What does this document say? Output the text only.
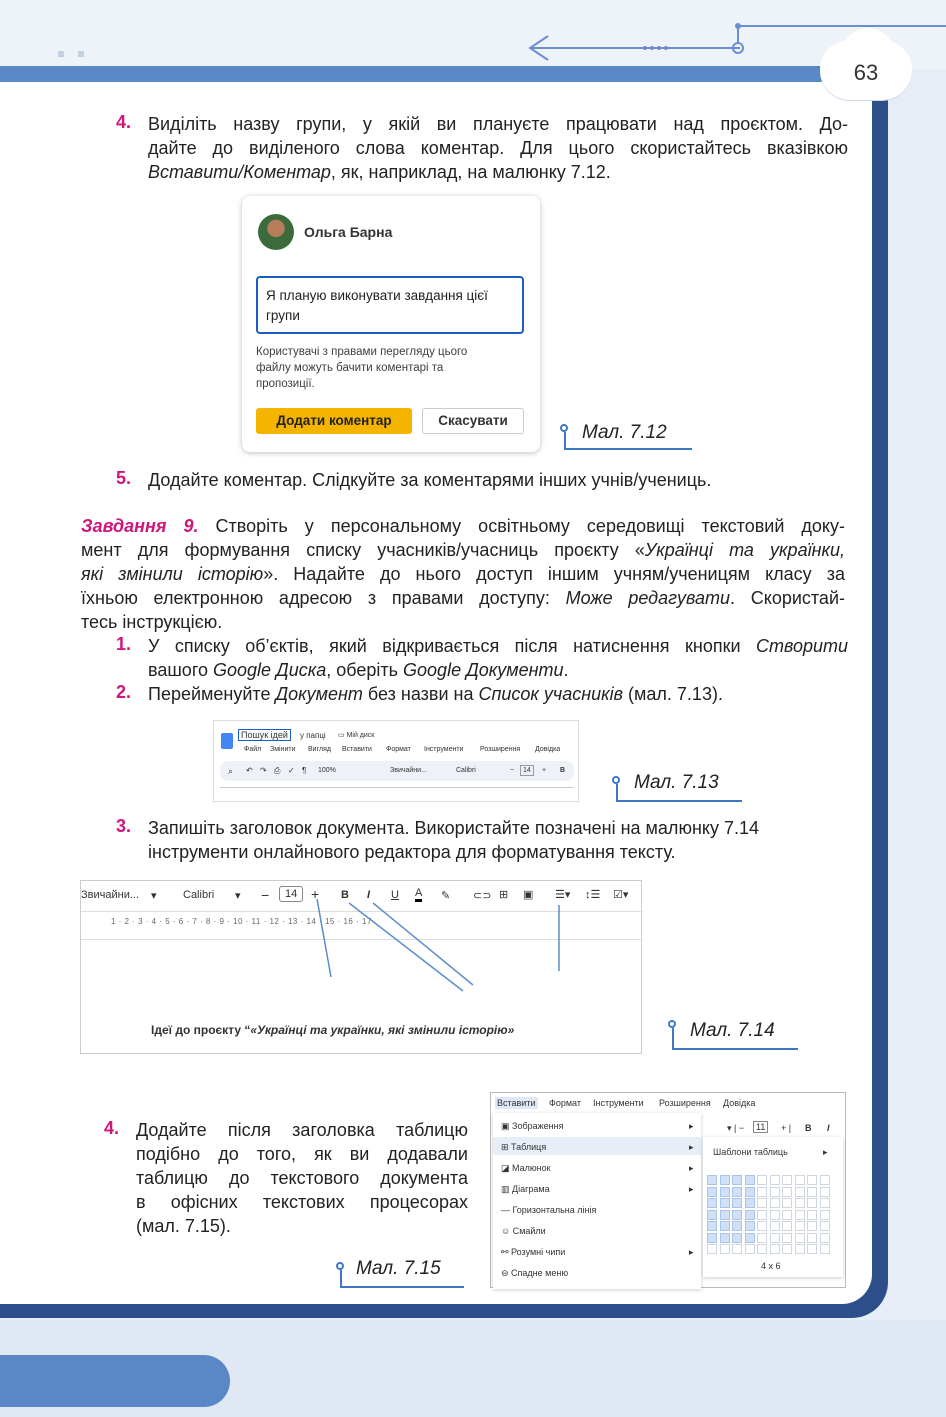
63
4. Виділіть назву групи, у якій ви плануєте працювати над проєктом. До-
дайте до виділеного слова коментар. Для цього скористайтесь вказівкою
Вставити/Коментар, як, наприклад, на малюнку 7.12.
Ольга Барна
Я планую виконувати завдання цієї
групи
Користувачі з правами перегляду цього
файлу можуть бачити коментарі та
пропозиції.
Додати коментар	Скасувати
Мал. 7.12
5. Додайте коментар. Слідкуйте за коментарями інших учнів/учениць.
Завдання 9. Створіть у персональному освітньому середовищі текстовий доку-
мент для формування списку учасників/учасниць проєкту «Українці та українки,
які змінили історію». Надайте до нього доступ іншим учням/ученицям класу за
їхньою електронною адресою з правами доступу: Може редагувати. Скористай-
тесь інструкцією.
1. У списку об’єктів, який відкривається після натиснення кнопки Створити
вашого Google Диска, оберіть Google Документи.
2. Перейменуйте Документ без назви на Список учасників (мал. 7.13).
Пошук ідей	у папці ▭ Мій диск
Файл Змінити Вигляд Вставити Формат Інструменти Розширення Довідка
⌕ ↶ ↷ ⎙ ✓ ¶ 100%	Звичайни...	Calibri	−	14	+ B
Мал. 7.13
3. Запишіть заголовок документа. Використайте позначені на малюнку 7.14
інструменти онлайнового редактора для форматування тексту.
Звичайни... ▾ Calibri ▾ −	14 + B I U A ✎ ⊂⊃ ⊞ ▣ ☰▾ ↕☰ ☑▾
1 · 2 · 3 · 4 · 5 · 6 · 7 · 8 · 9 · 10 · 11 · 12 · 13 · 14 · 15 · 16 · 17
Ідеї до проєкту “«Українці та українки, які змінили історію»	Мал. 7.14
4. Додайте після заголовка таблицю
подібно до того, як ви додавали
таблицю до текстового документа
в офісних текстових процесорах
(мал. 7.15).
Мал. 7.15
Вставити Формат Інструменти Розширення Довідка
▾ | −	11	+ | B I
▣ Зображення	▸
⊞ Таблиця	▸
◪ Малюнок	▸
▥ Діаграма	▸
— Горизонтальна лінія
☺ Смайли
⚯ Розумні чипи	▸
⊖ Спадне меню
Шаблони таблиць	▸
4 x 6
